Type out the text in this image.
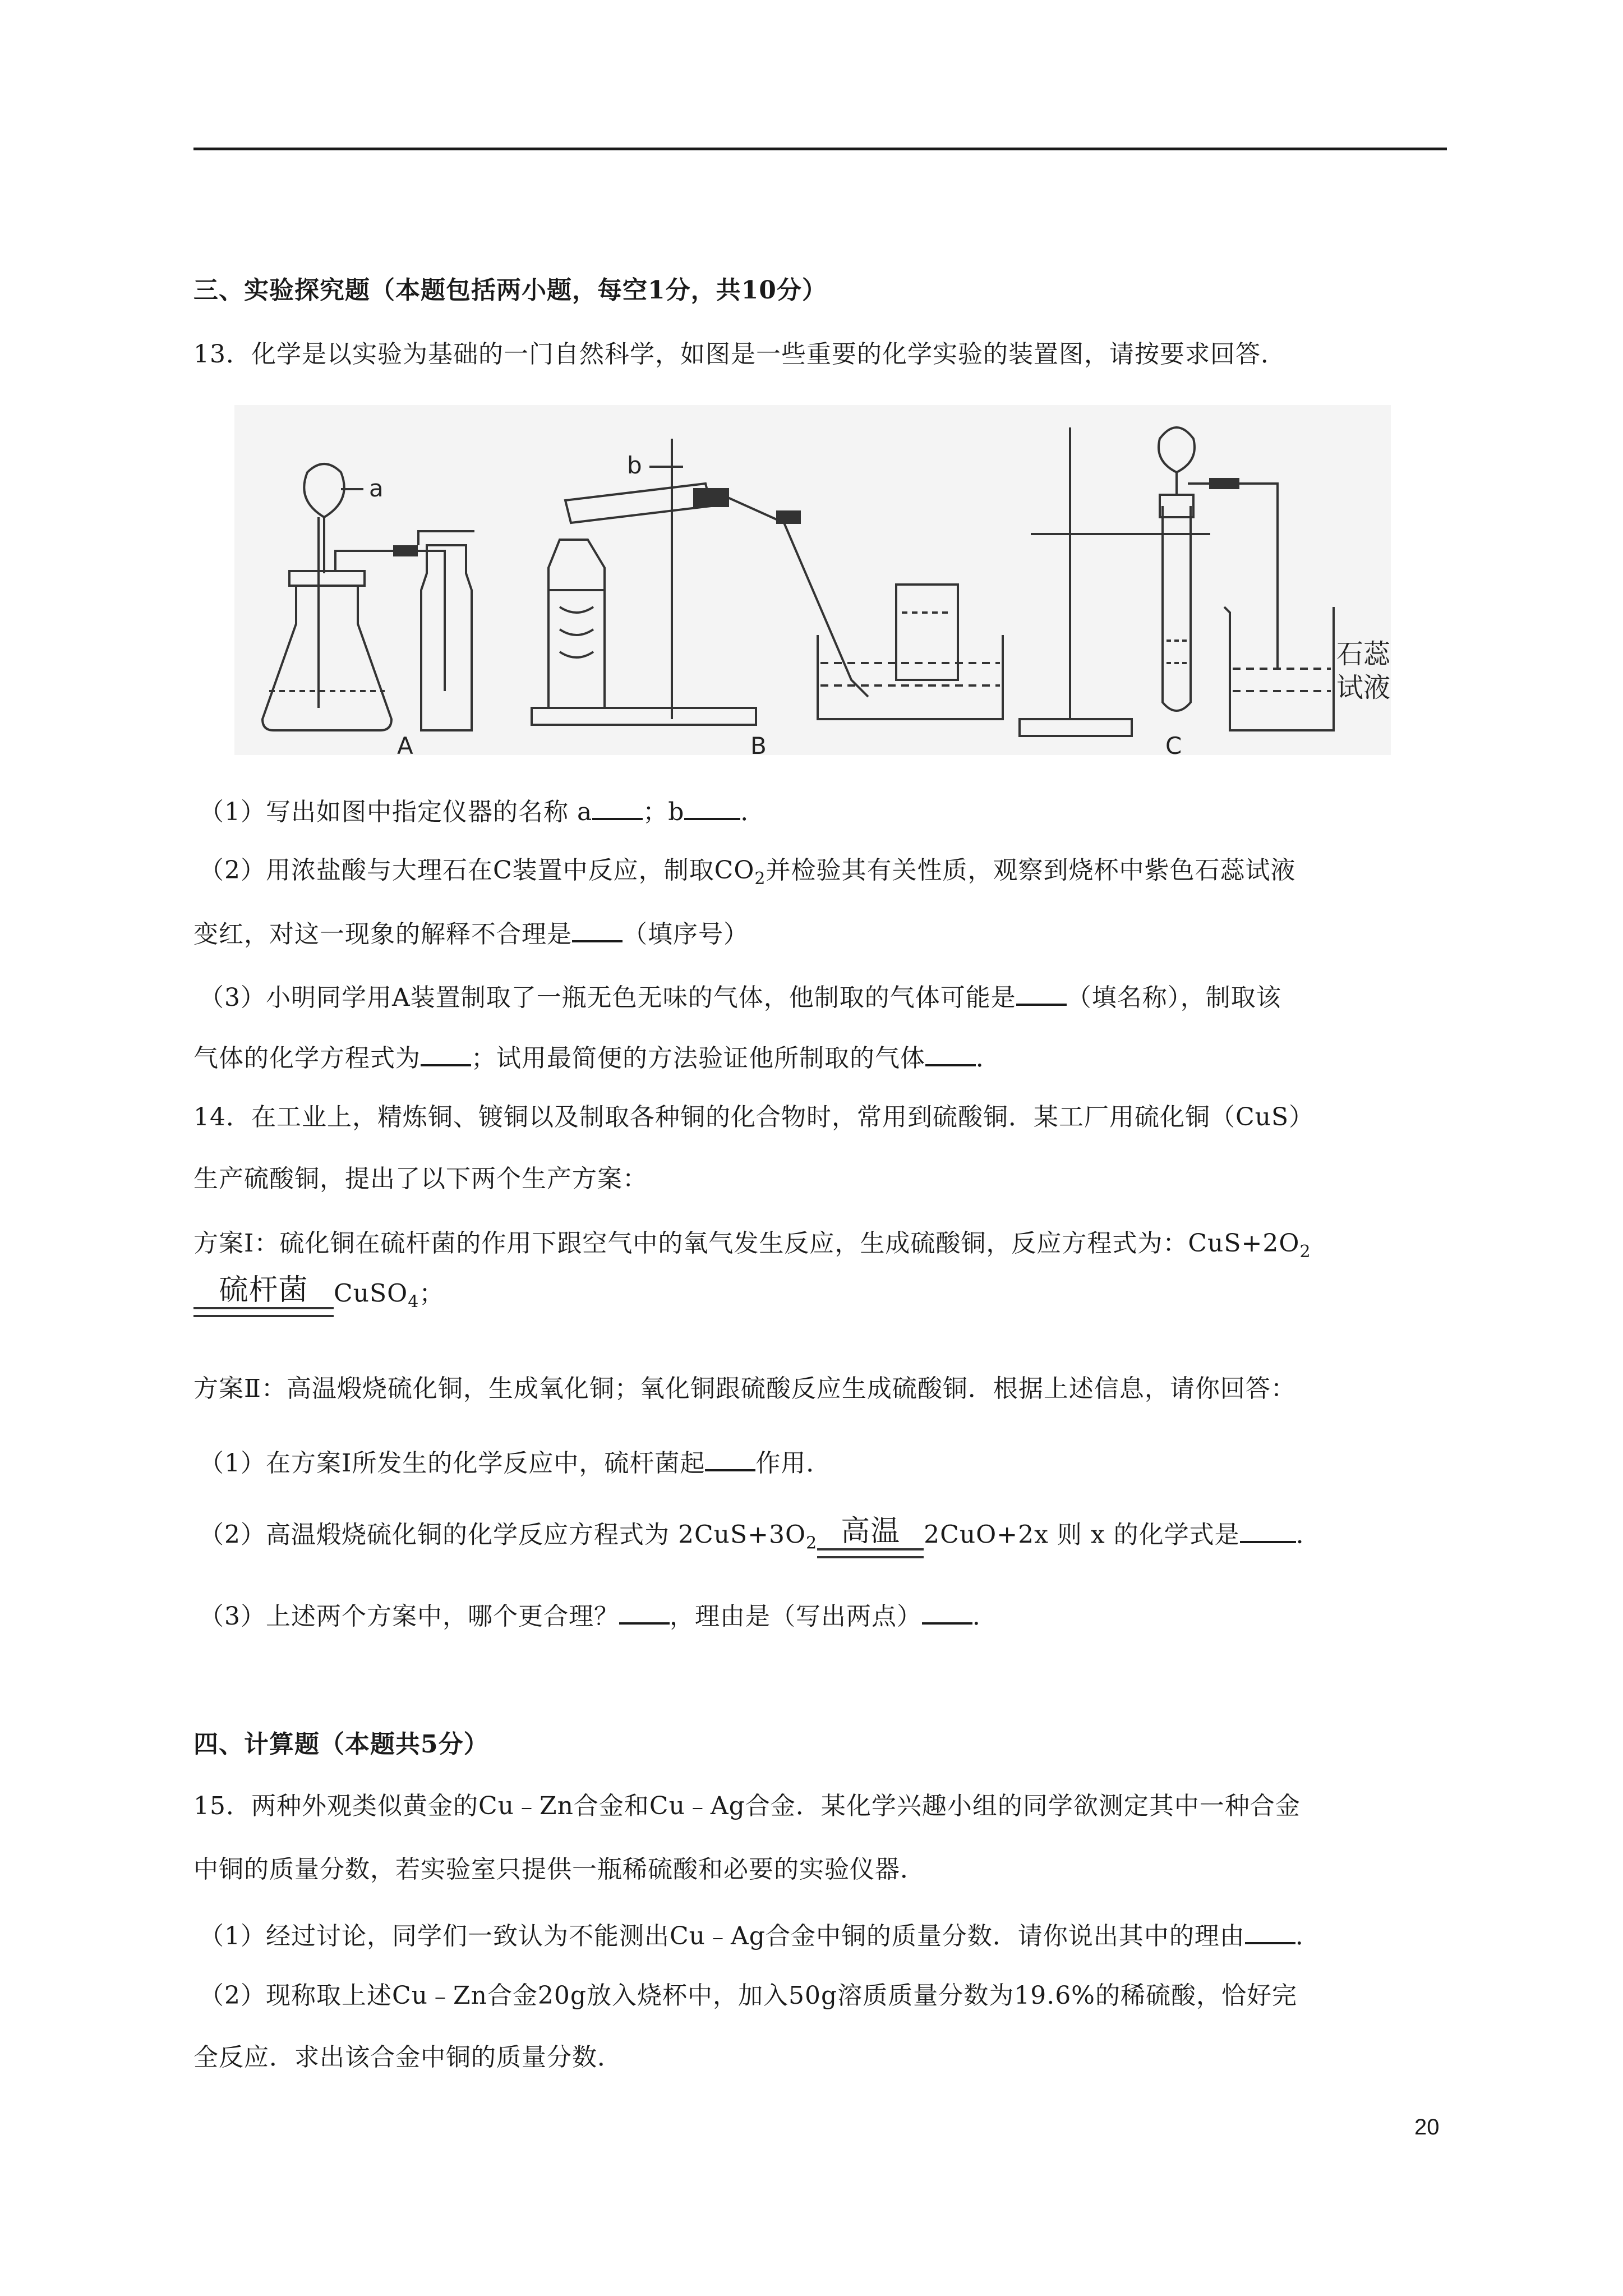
三、实验探究题（本题包括两小题，每空1分，共10分）
13．化学是以实验为基础的一门自然科学，如图是一些重要的化学实验的装置图，请按要求回答．
a
b
A	B	C
石蕊
试液
（1）写出如图中指定仪器的名称 a ；b ．
（2）用浓盐酸与大理石在C装置中反应，制取$CO_2$并检验其有关性质，观察到烧杯中紫色石蕊试液
变红，对这一现象的解释不合理是 （填序号）
（3）小明同学用A装置制取了一瓶无色无味的气体，他制取的气体可能是 （填名称），制取该
气体的化学方程式为 ；试用最简便的方法验证他所制取的气体 ．
14．在工业上，精炼铜、镀铜以及制取各种铜的化合物时，常用到硫酸铜．某工厂用硫化铜（CuS）
生产硫酸铜，提出了以下两个生产方案：
方案Ⅰ：硫化铜在硫杆菌的作用下跟空气中的氧气发生反应，生成硫酸铜，反应方程式为：$CuS+2O_2$
硫杆菌	CuSO$_4$；
方案Ⅱ：高温煅烧硫化铜，生成氧化铜；氧化铜跟硫酸反应生成硫酸铜．根据上述信息，请你回答：
（1）在方案Ⅰ所发生的化学反应中，硫杆菌起 作用．
（2）高温煅烧硫化铜的化学反应方程式为 $2CuS+3O_2$ 高温 2CuO+2x 则 x 的化学式是 ．
（3）上述两个方案中，哪个更合理？ ，理由是（写出两点） ．
四、计算题（本题共5分）
15．两种外观类似黄金的Cu﹣Zn合金和Cu﹣Ag合金．某化学兴趣小组的同学欲测定其中一种合金
中铜的质量分数，若实验室只提供一瓶稀硫酸和必要的实验仪器．
（1）经过讨论，同学们一致认为不能测出Cu﹣Ag合金中铜的质量分数．请你说出其中的理由 ．
（2）现称取上述Cu﹣Zn合金20g放入烧杯中，加入50g溶质质量分数为19.6%的稀硫酸，恰好完
全反应．求出该合金中铜的质量分数．
20
